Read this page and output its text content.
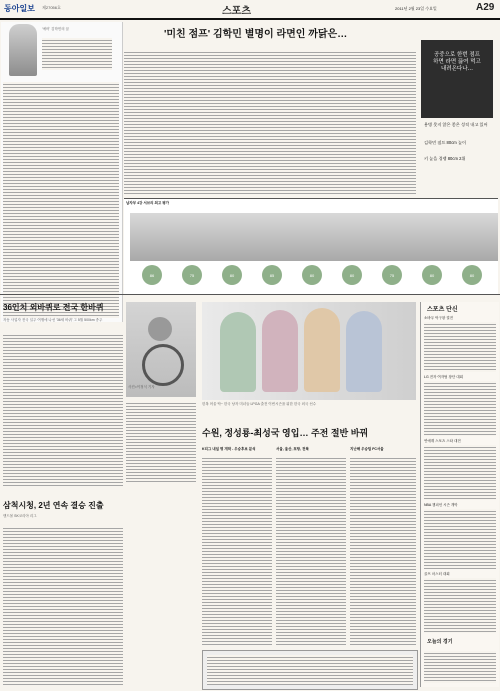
동아일보 제27056호	스포츠	2011년 2월 23일 수요일	A29
'애어' 김학민의 꿈	'미친 점프' 김학민 별명이 라면인 까닭은…
공중으로 한번 점프하면 라면 끓여 먹고 내려온다나…
용병 못지 않은 좋은 성적 내고 있어
김학민 점프 80cm 높이
키 높을 경쟁 80cm 2위
남자부 4강 서브의 최고 평가
86	75	80	85	80	80	75	80	80
36인치 외바퀴로 전국 한바퀴
자동 사업자 전국 일주 여행에 나선 '36세 바퀴' 그 5월 500km 종주
삼척시청, 2년 연속 결승 진출
핸드볼 SK코리아 리그
사진=이정식 기자
한복 어울 딱~ 한국 낭자 미녀들 LPGA 출전 이번시즌을 위한 한국 외국 선수
수원, 정성룡-최성국 영입… 주전 절반 바꿔
K리그 내일 명 개막 - 우승후보 분석	서울, 울산, 포항, 전북	지난해 우승팀 FC서울
스포츠 단신
소바우 탁구왕 결전
LG 전자 여자팀 창단 대회
연예계 스포츠 스타 대전
NBA 챔피언 시즌 개막
골프 마스터 대회
오늘의 경기
